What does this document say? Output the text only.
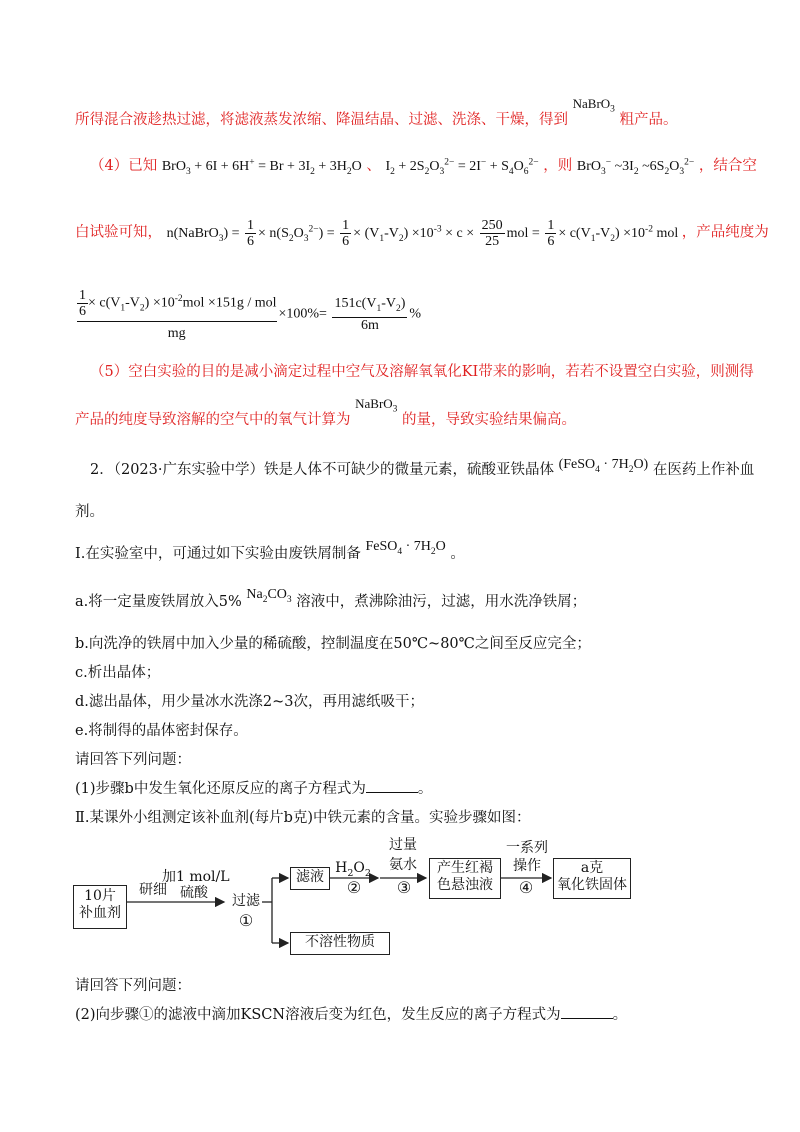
所得混合液趁热过滤，将滤液蒸发浓缩、降温结晶、过滤、洗涤、干燥，得到 NaBrO$_3$ 粗产品。
（4）已知 $BrO_3 + 6I + 6H^+ = Br + 3I_2 + 3H_2O$ 、 $I_2 + 2S_2O_3^{2-} = 2I^- + S_4O_6^{2-}$ ，则 BrO$_3$− $\sim 3I_2$ $\sim 6S_2O_3^{2-}$ ，结合空
白试验可知， n(NaBrO$_3$) = $\frac{1}{6} \times n(S_2O_3^{2-}) = \frac{1}{6} \times (V_1-V_2) \times 10^{-3} \times c \times \frac{250}{25}$ mol = $\frac{1}{6} \times c(V_1-V_2) \times 10^{-2}$ mol ，产品纯度为
$\frac{\frac{1}{6} \times c(V_1-V_2) \times 10^{-2}mol \times 151g / mol}{mg} \times 100\%= \frac{151c(V_1-V_2)}{6m}$ %
（5）空白实验的目的是减小滴定过程中空气及溶解氧氧化KI带来的影响，若若不设置空白实验，则测得
产品的纯度导致溶解的空气中的氧气计算为 NaBrO$_3$ 的量，导致实验结果偏高。
2．（2023·广东实验中学）铁是人体不可缺少的微量元素，硫酸亚铁晶体 (FeSO$_4$ · $7H_2O$) 在医药上作补血
剂。
Ⅰ.在实验室中，可通过如下实验由废铁屑制备 FeSO$_4$ · $7H_2O$ 。
a.将一定量废铁屑放入5% $Na_2CO_3$ 溶液中，煮沸除油污，过滤，用水洗净铁屑；
b.向洗净的铁屑中加入少量的稀硫酸，控制温度在50℃~80℃之间至反应完全；
c.析出晶体；
d.滤出晶体，用少量冰水洗涤2~3次，再用滤纸吸干；
e.将制得的晶体密封保存。
请回答下列问题：
(1)步骤b中发生氧化还原反应的离子方程式为	。
Ⅱ.某课外小组测定该补血剂(每片b克)中铁元素的含量。实验步骤如图：
10片
补血剂
研细
加1 mol/L
硫酸 过滤
①
滤液
不溶性物质
$H_2O_2$
②
过量
氨水
③
产生红褐
色悬浊液
一系列
操作
④
a克
氧化铁固体
请回答下列问题：
(2)向步骤①的滤液中滴加KSCN溶液后变为红色，发生反应的离子方程式为	。
